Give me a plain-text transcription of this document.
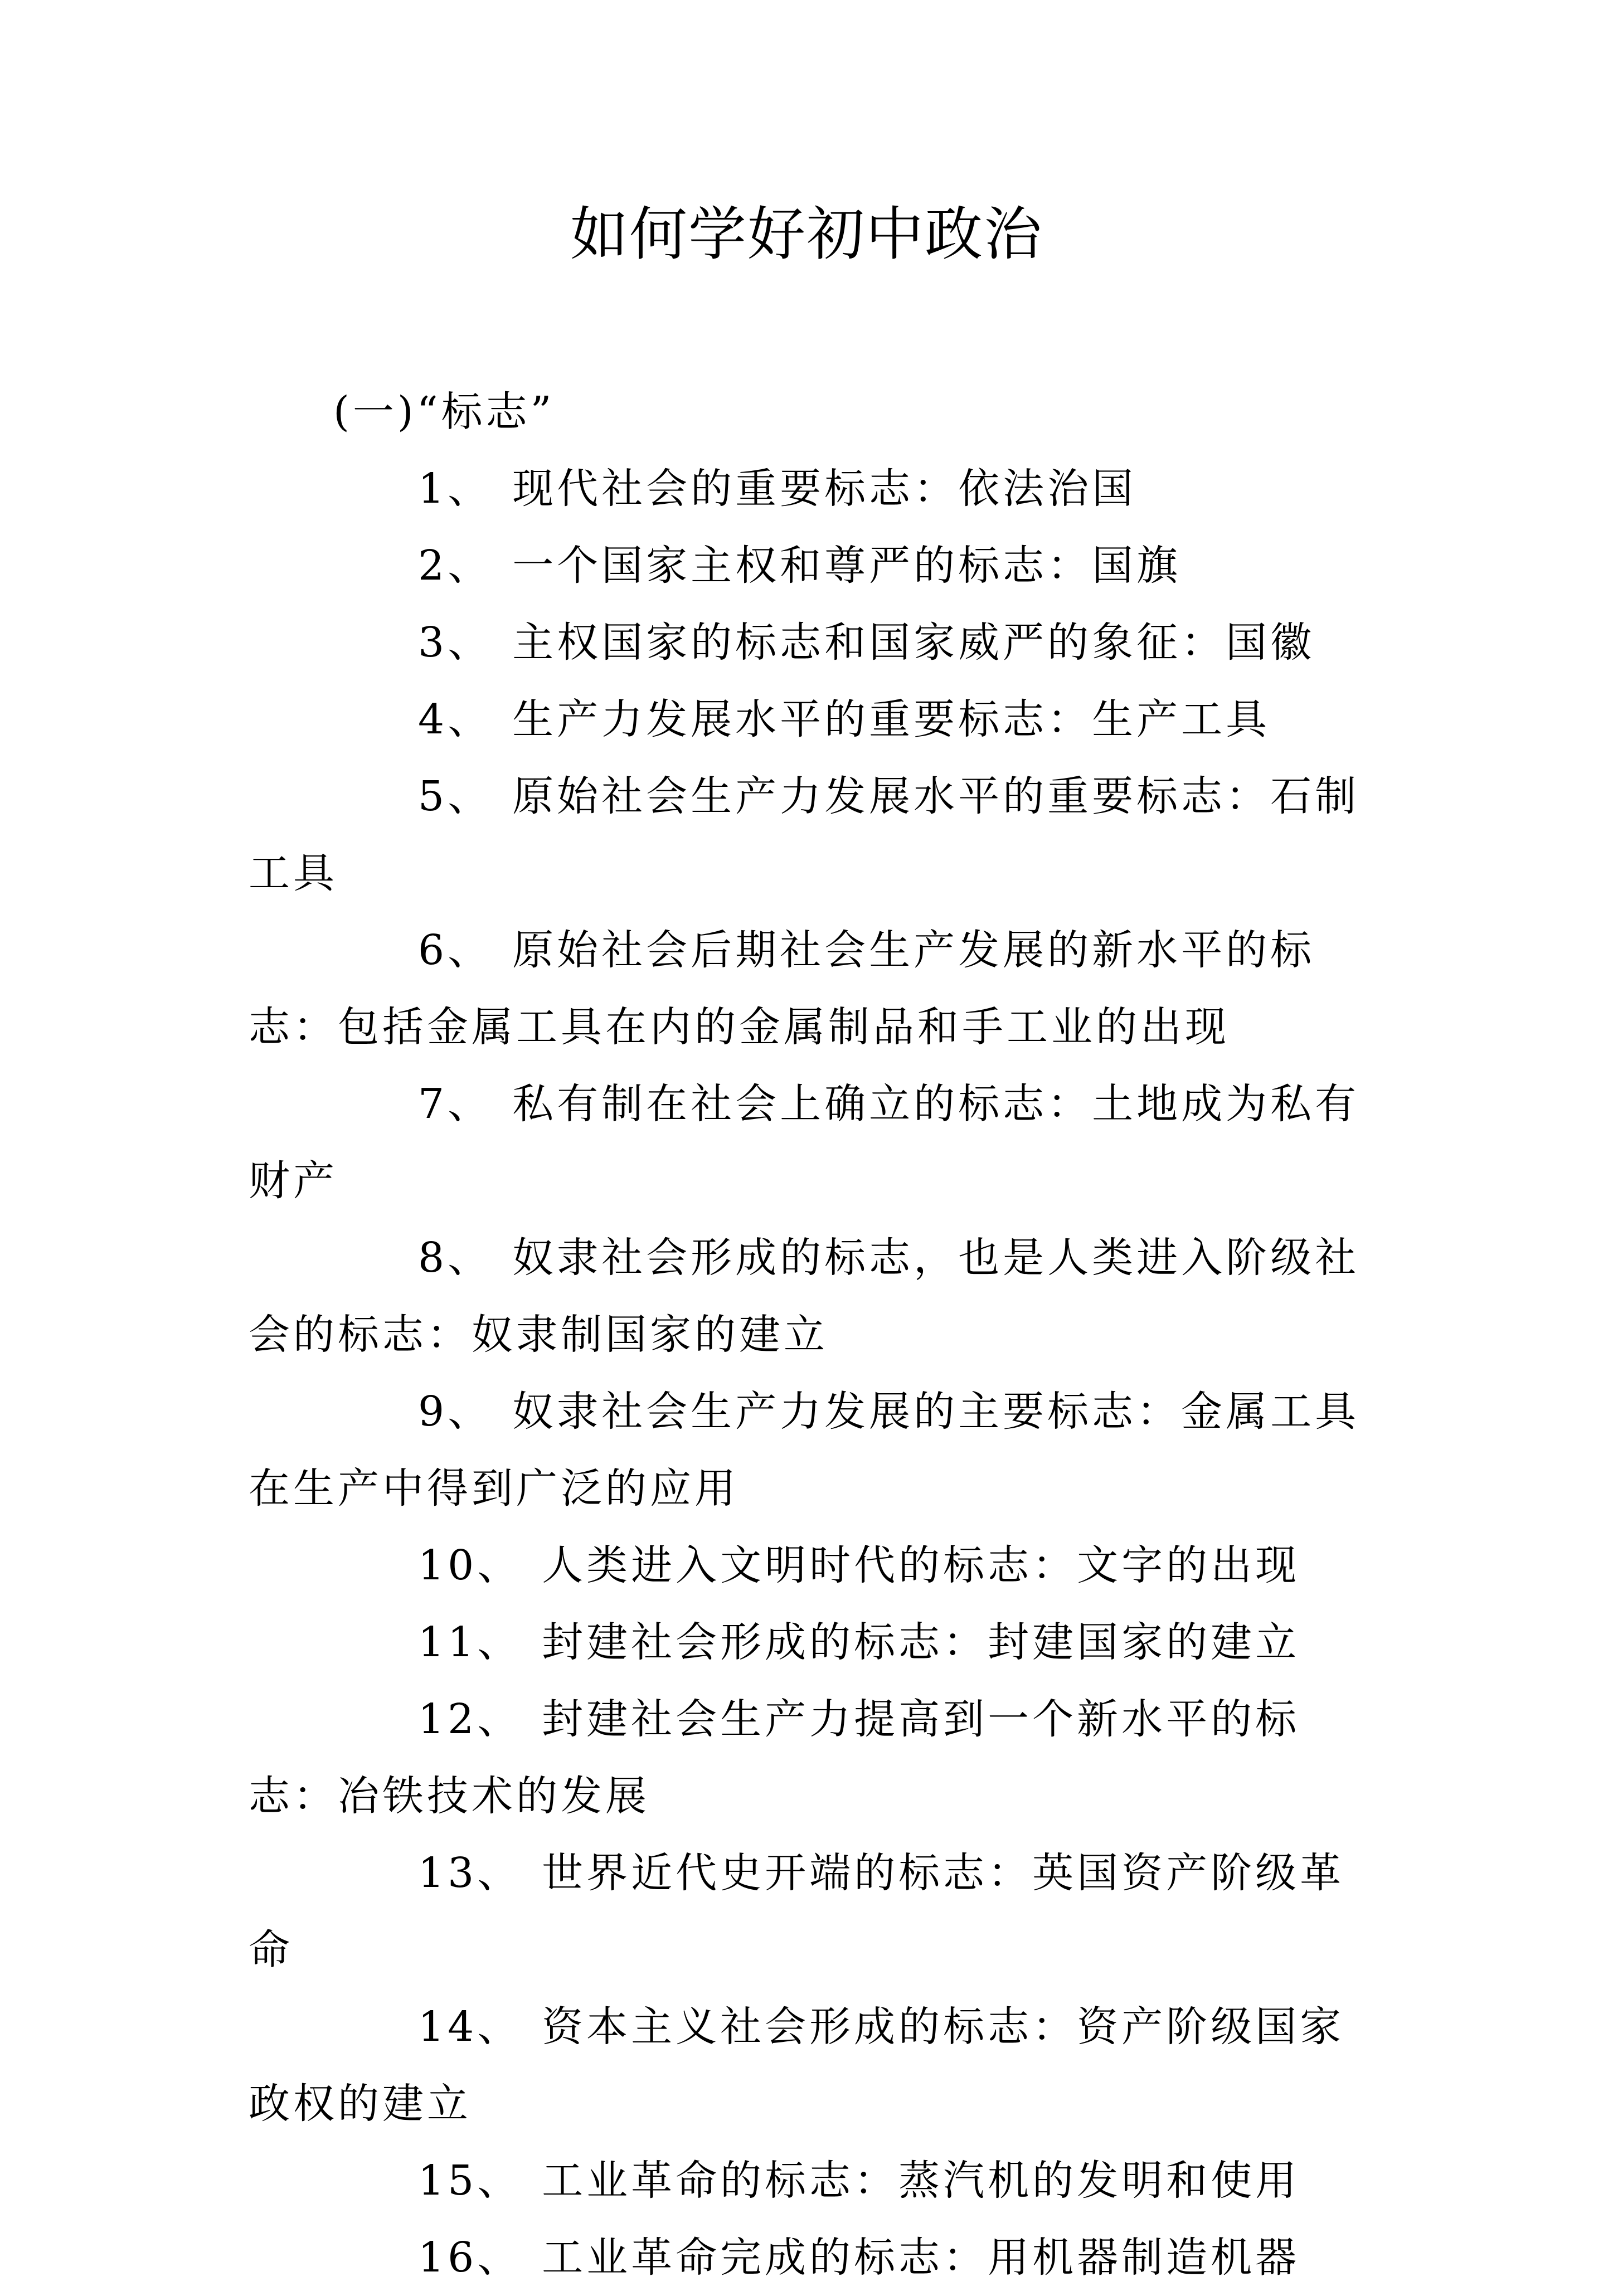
如何学好初中政治

(一)“标志”

1、 现代社会的重要标志：依法治国

2、 一个国家主权和尊严的标志：国旗

3、 主权国家的标志和国家威严的象征：国徽

4、 生产力发展水平的重要标志：生产工具

5、 原始社会生产力发展水平的重要标志：石制工具

6、 原始社会后期社会生产发展的新水平的标志：包括金属工具在内的金属制品和手工业的出现

7、 私有制在社会上确立的标志：土地成为私有财产

8、 奴隶社会形成的标志，也是人类进入阶级社会的标志：奴隶制国家的建立

9、 奴隶社会生产力发展的主要标志：金属工具在生产中得到广泛的应用

10、 人类进入文明时代的标志：文字的出现

11、 封建社会形成的标志：封建国家的建立

12、 封建社会生产力提高到一个新水平的标志：冶铁技术的发展

13、 世界近代史开端的标志：英国资产阶级革命

14、 资本主义社会形成的标志：资产阶级国家政权的建立

15、 工业革命的标志：蒸汽机的发明和使用

16、 工业革命完成的标志：用机器制造机器
